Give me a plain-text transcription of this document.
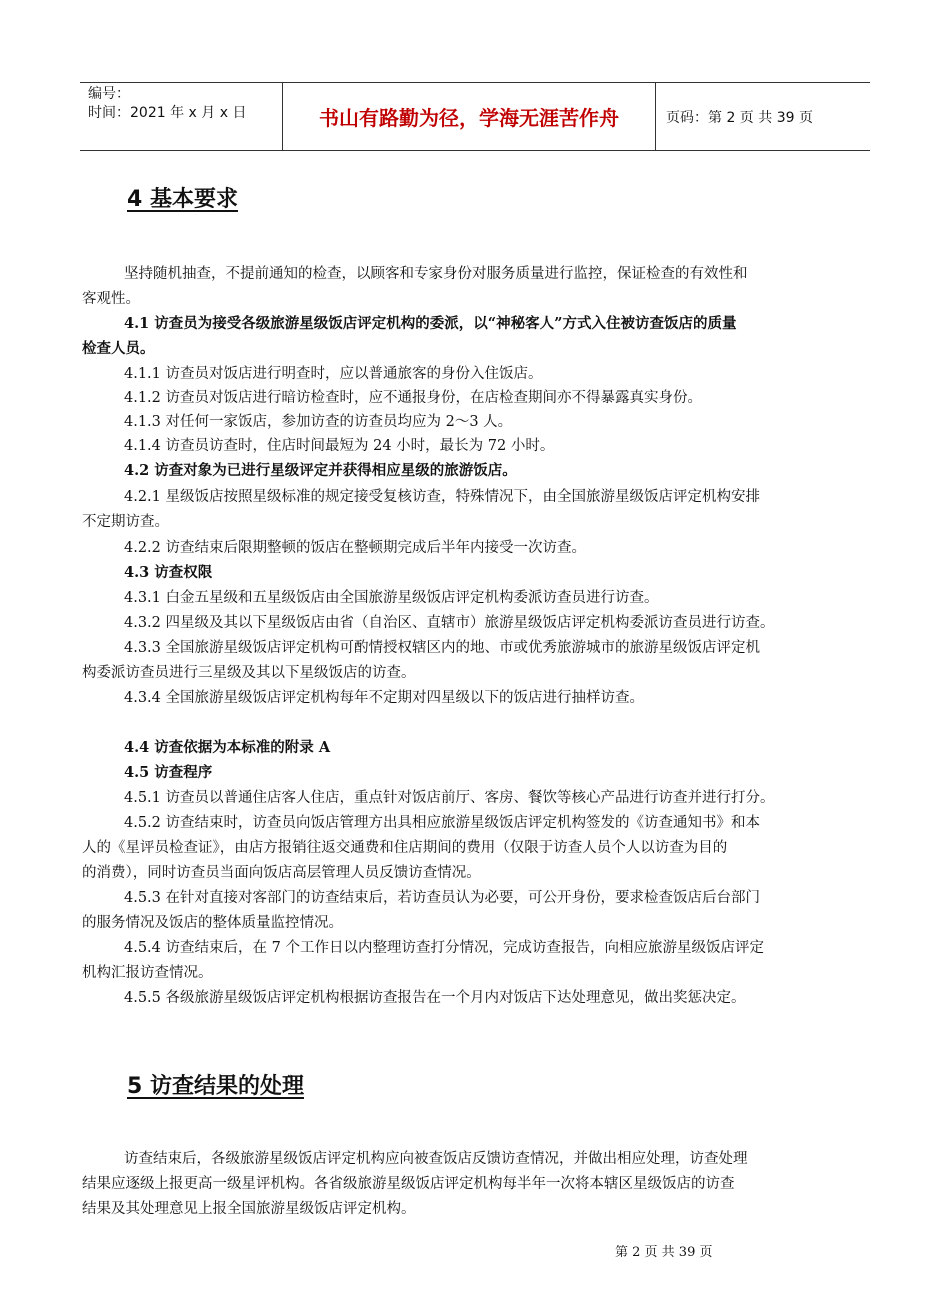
编号：
时间：2021 年 x 月 x 日	书山有路勤为径，学海无涯苦作舟	页码：第 2 页 共 39 页
4 基本要求

坚持随机抽查，不提前通知的检查，以顾客和专家身份对服务质量进行监控，保证检查的有效性和

客观性。

4.1 访查员为接受各级旅游星级饭店评定机构的委派，以“神秘客人”方式入住被访查饭店的质量

检查人员。

4.1.1 访查员对饭店进行明查时，应以普通旅客的身份入住饭店。

4.1.2 访查员对饭店进行暗访检查时，应不通报身份，在店检查期间亦不得暴露真实身份。

4.1.3 对任何一家饭店，参加访查的访查员均应为 2～3 人。

4.1.4 访查员访查时，住店时间最短为 24 小时，最长为 72 小时。

4.2 访查对象为已进行星级评定并获得相应星级的旅游饭店。

4.2.1 星级饭店按照星级标准的规定接受复核访查，特殊情况下，由全国旅游星级饭店评定机构安排

不定期访查。

4.2.2 访查结束后限期整顿的饭店在整顿期完成后半年内接受一次访查。

4.3 访查权限

4.3.1 白金五星级和五星级饭店由全国旅游星级饭店评定机构委派访查员进行访查。

4.3.2 四星级及其以下星级饭店由省（自治区、直辖市）旅游星级饭店评定机构委派访查员进行访查。

4.3.3 全国旅游星级饭店评定机构可酌情授权辖区内的地、市或优秀旅游城市的旅游星级饭店评定机

构委派访查员进行三星级及其以下星级饭店的访查。

4.3.4 全国旅游星级饭店评定机构每年不定期对四星级以下的饭店进行抽样访查。

4.4 访查依据为本标准的附录 A

4.5 访查程序

4.5.1 访查员以普通住店客人住店，重点针对饭店前厅、客房、餐饮等核心产品进行访查并进行打分。

4.5.2 访查结束时，访查员向饭店管理方出具相应旅游星级饭店评定机构签发的《访查通知书》和本

人的《星评员检查证》，由店方报销往返交通费和住店期间的费用（仅限于访查人员个人以访查为目的

的消费），同时访查员当面向饭店高层管理人员反馈访查情况。

4.5.3 在针对直接对客部门的访查结束后，若访查员认为必要，可公开身份，要求检查饭店后台部门

的服务情况及饭店的整体质量监控情况。

4.5.4 访查结束后，在 7 个工作日以内整理访查打分情况，完成访查报告，向相应旅游星级饭店评定

机构汇报访查情况。

4.5.5 各级旅游星级饭店评定机构根据访查报告在一个月内对饭店下达处理意见，做出奖惩决定。

5 访查结果的处理

访查结束后，各级旅游星级饭店评定机构应向被查饭店反馈访查情况，并做出相应处理，访查处理

结果应逐级上报更高一级星评机构。各省级旅游星级饭店评定机构每半年一次将本辖区星级饭店的访查

结果及其处理意见上报全国旅游星级饭店评定机构。

第 2 页 共 39 页
